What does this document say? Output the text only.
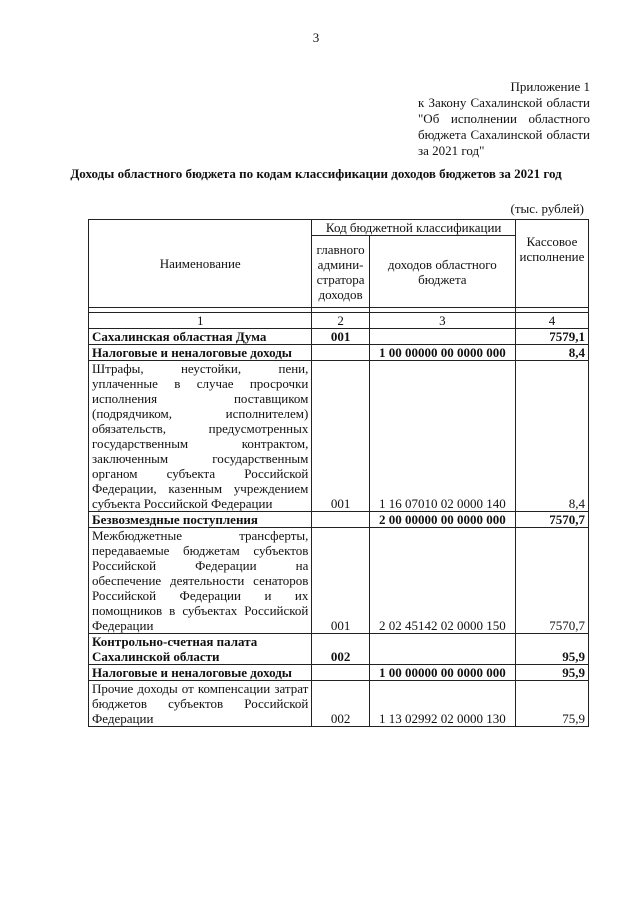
3
Приложение 1
к Закону Сахалинской области
"Об исполнении областного
бюджета Сахалинской области
за 2021 год"
Доходы областного бюджета по кодам классификации доходов бюджетов за 2021 год
(тыс. рублей)
Наименование	Код бюджетной классификации		Кассовое исполнение
	главного админи-стратора доходов	доходов областного бюджета	

1	2	3	4
Сахалинская областная Дума	001		7579,1
Налоговые и неналоговые доходы		1 00 00000 00 0000 000	8,4
Штрафы, неустойки, пени, уплаченные в случае просрочки исполнения поставщиком (подрядчиком, исполнителем) обязательств, предусмотренных государственным контрактом, заключенным государственным органом субъекта Российской Федерации, казенным учреждением субъекта Российской Федерации	001	1 16 07010 02 0000 140	8,4
Безвозмездные поступления		2 00 00000 00 0000 000	7570,7
Межбюджетные трансферты, передаваемые бюджетам субъектов Российской Федерации на обеспечение деятельности сенаторов Российской Федерации и их помощников в субъектах Российской Федерации	001	2 02 45142 02 0000 150	7570,7
Контрольно-счетная палата Сахалинской области	002		95,9
Налоговые и неналоговые доходы		1 00 00000 00 0000 000	95,9
Прочие доходы от компенсации затрат бюджетов субъектов Российской Федерации	002	1 13 02992 02 0000 130	75,9
